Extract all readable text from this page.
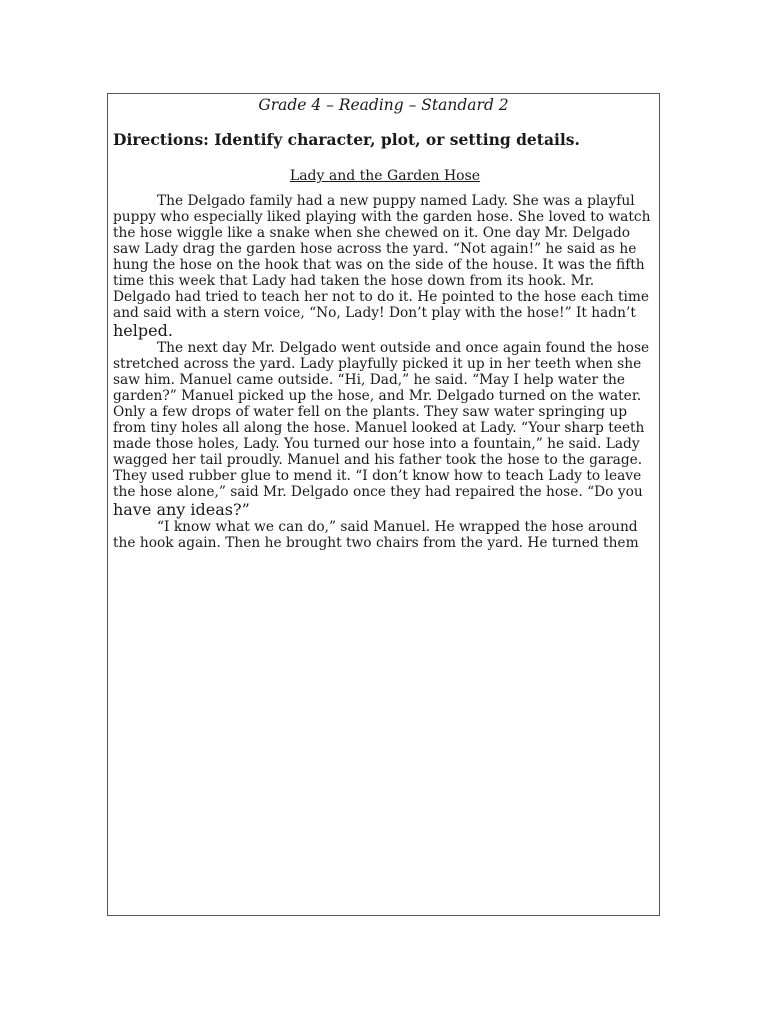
Grade 4 – Reading – Standard 2
Directions: Identify character, plot, or setting details.
Lady and the Garden Hose
The Delgado family had a new puppy named Lady. She was a playful
puppy who especially liked playing with the garden hose. She loved to watch
the hose wiggle like a snake when she chewed on it. One day Mr. Delgado
saw Lady drag the garden hose across the yard. “Not again!” he said as he
hung the hose on the hook that was on the side of the house. It was the fifth
time this week that Lady had taken the hose down from its hook. Mr.
Delgado had tried to teach her not to do it. He pointed to the hose each time
and said with a stern voice, “No, Lady! Don’t play with the hose!” It hadn’t
helped.
The next day Mr. Delgado went outside and once again found the hose
stretched across the yard. Lady playfully picked it up in her teeth when she
saw him. Manuel came outside. “Hi, Dad,” he said. “May I help water the
garden?” Manuel picked up the hose, and Mr. Delgado turned on the water.
Only a few drops of water fell on the plants. They saw water springing up
from tiny holes all along the hose. Manuel looked at Lady. “Your sharp teeth
made those holes, Lady. You turned our hose into a fountain,” he said. Lady
wagged her tail proudly. Manuel and his father took the hose to the garage.
They used rubber glue to mend it. “I don’t know how to teach Lady to leave
the hose alone,” said Mr. Delgado once they had repaired the hose. “Do you
have any ideas?”
“I know what we can do,” said Manuel. He wrapped the hose around
the hook again. Then he brought two chairs from the yard. He turned them
